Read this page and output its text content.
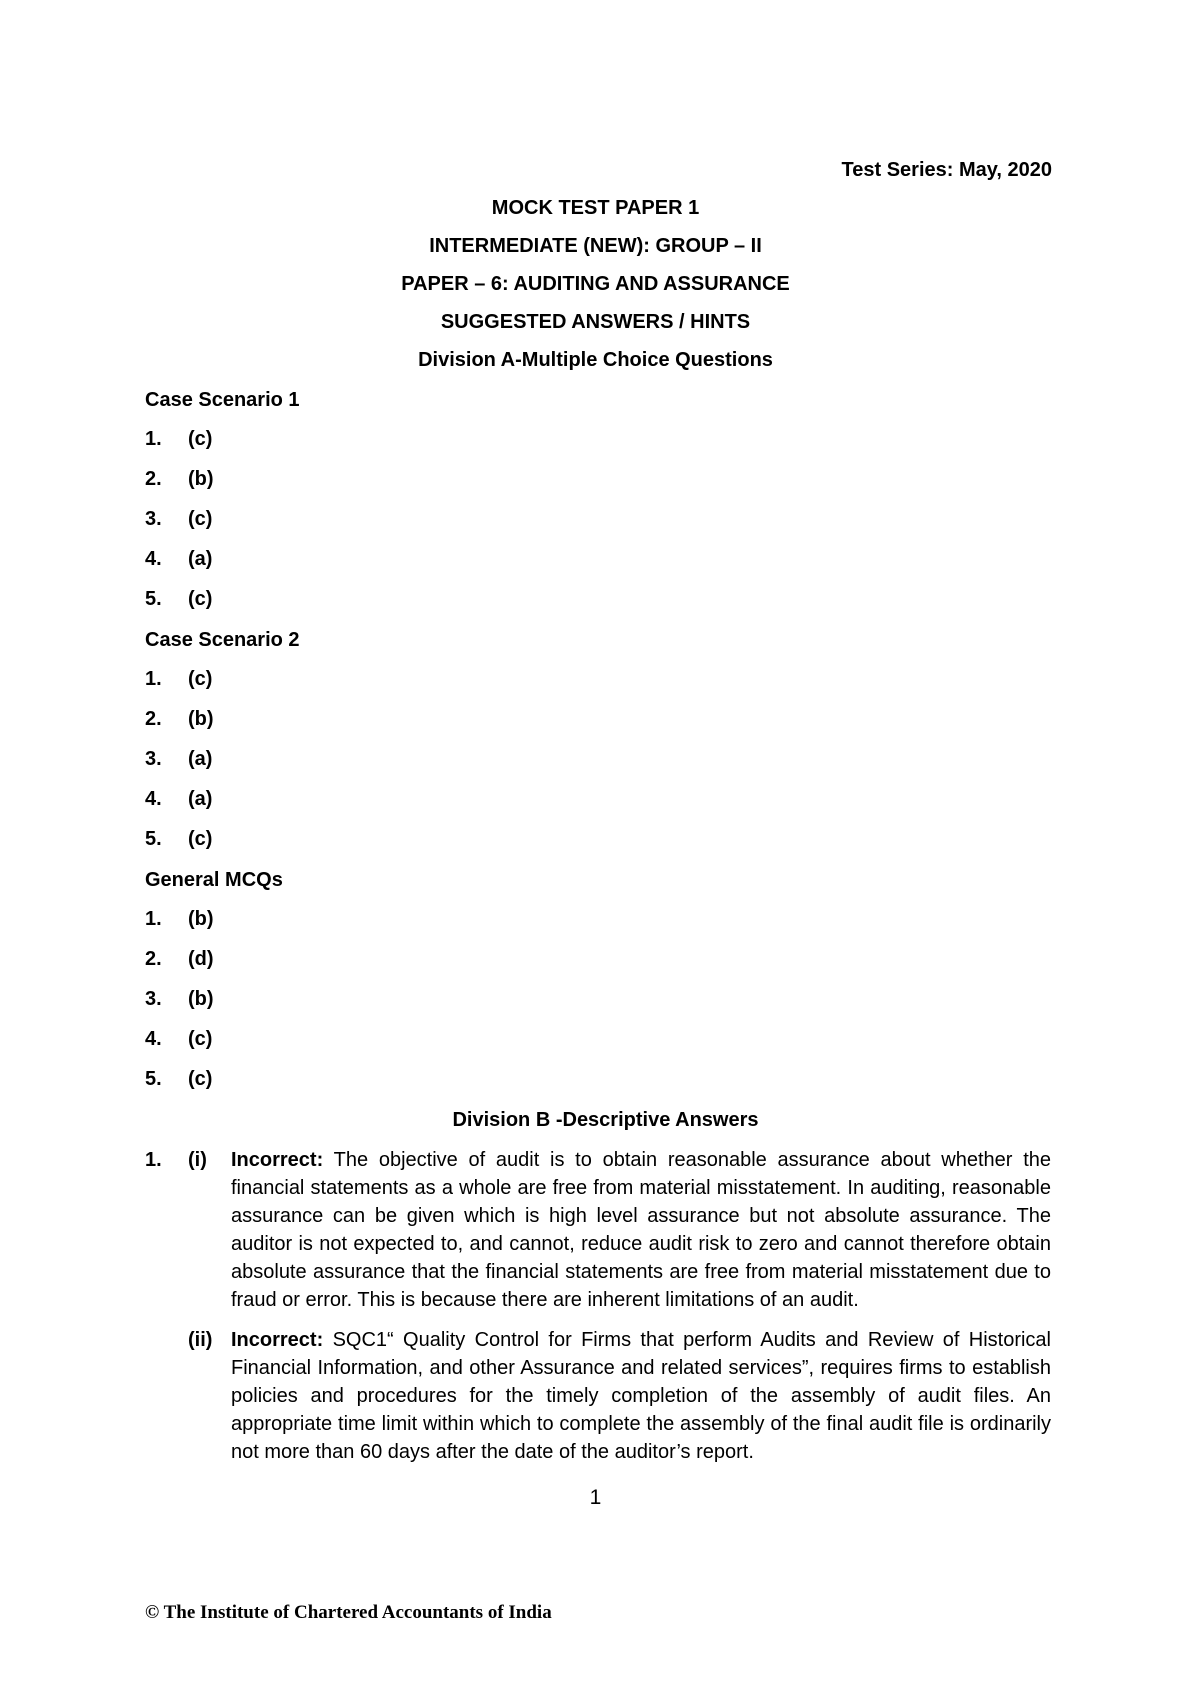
Test Series: May, 2020
MOCK TEST PAPER 1
INTERMEDIATE (NEW): GROUP – II
PAPER – 6: AUDITING AND ASSURANCE
SUGGESTED ANSWERS / HINTS
Division A-Multiple Choice Questions
Case Scenario 1
1. (c)
2. (b)
3. (c)
4. (a)
5. (c)
Case Scenario 2
1. (c)
2. (b)
3. (a)
4. (a)
5. (c)
General MCQs
1. (b)
2. (d)
3. (b)
4. (c)
5. (c)
Division B -Descriptive Answers
1. (i) Incorrect: The objective of audit is to obtain reasonable assurance about whether the financial statements as a whole are free from material misstatement. In auditing, reasonable assurance can be given which is high level assurance but not absolute assurance. The auditor is not expected to, and cannot, reduce audit risk to zero and cannot therefore obtain absolute assurance that the financial statements are free from material misstatement due to fraud or error. This is because there are inherent limitations of an audit.
(ii) Incorrect: SQC1“ Quality Control for Firms that perform Audits and Review of Historical Financial Information, and other Assurance and related services”, requires firms to establish policies and procedures for the timely completion of the assembly of audit files. An appropriate time limit within which to complete the assembly of the final audit file is ordinarily not more than 60 days after the date of the auditor’s report.
1
© The Institute of Chartered Accountants of India
